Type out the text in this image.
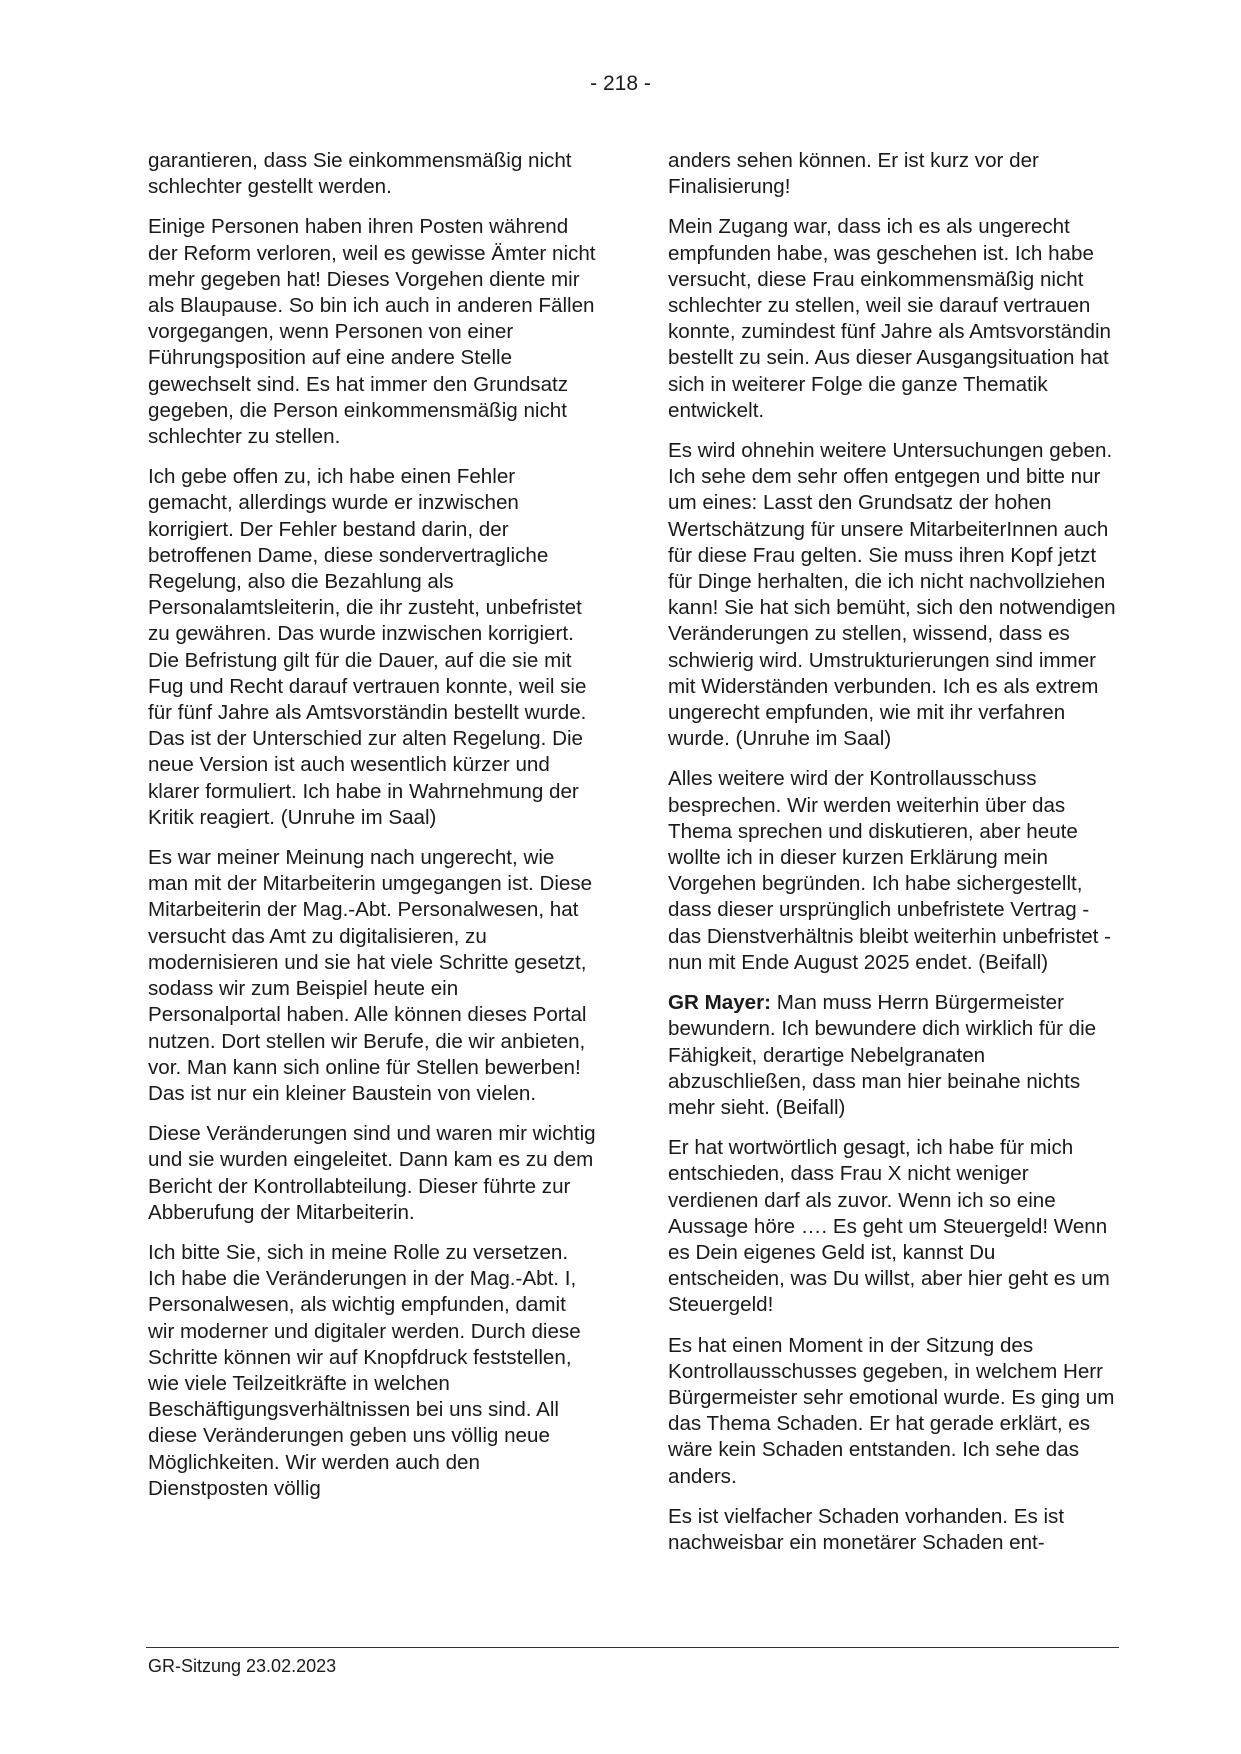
- 218 -

garantieren, dass Sie einkommensmäßig nicht schlechter gestellt werden.

Einige Personen haben ihren Posten während der Reform verloren, weil es gewisse Ämter nicht mehr gegeben hat! Dieses Vorgehen diente mir als Blaupause. So bin ich auch in anderen Fällen vorgegangen, wenn Personen von einer Führungsposition auf eine andere Stelle gewechselt sind. Es hat immer den Grundsatz gegeben, die Person einkommensmäßig nicht schlechter zu stellen.

Ich gebe offen zu, ich habe einen Fehler gemacht, allerdings wurde er inzwischen korrigiert. Der Fehler bestand darin, der betroffenen Dame, diese sondervertragliche Regelung, also die Bezahlung als Personalamtsleiterin, die ihr zusteht, unbefristet zu gewähren. Das wurde inzwischen korrigiert. Die Befristung gilt für die Dauer, auf die sie mit Fug und Recht darauf vertrauen konnte, weil sie für fünf Jahre als Amtsvorständin bestellt wurde. Das ist der Unterschied zur alten Regelung. Die neue Version ist auch wesentlich kürzer und klarer formuliert. Ich habe in Wahrnehmung der Kritik reagiert. (Unruhe im Saal)

Es war meiner Meinung nach ungerecht, wie man mit der Mitarbeiterin umgegangen ist. Diese Mitarbeiterin der Mag.-Abt. Personalwesen, hat versucht das Amt zu digitalisieren, zu modernisieren und sie hat viele Schritte gesetzt, sodass wir zum Beispiel heute ein Personalportal haben. Alle können dieses Portal nutzen. Dort stellen wir Berufe, die wir anbieten, vor. Man kann sich online für Stellen bewerben! Das ist nur ein kleiner Baustein von vielen.

Diese Veränderungen sind und waren mir wichtig und sie wurden eingeleitet. Dann kam es zu dem Bericht der Kontrollabteilung. Dieser führte zur Abberufung der Mitarbeiterin.

Ich bitte Sie, sich in meine Rolle zu versetzen. Ich habe die Veränderungen in der Mag.-Abt. I, Personalwesen, als wichtig empfunden, damit wir moderner und digitaler werden. Durch diese Schritte können wir auf Knopfdruck feststellen, wie viele Teilzeitkräfte in welchen Beschäftigungsverhältnissen bei uns sind. All diese Veränderungen geben uns völlig neue Möglichkeiten. Wir werden auch den Dienstposten völlig

anders sehen können. Er ist kurz vor der Finalisierung!

Mein Zugang war, dass ich es als ungerecht empfunden habe, was geschehen ist. Ich habe versucht, diese Frau einkommensmäßig nicht schlechter zu stellen, weil sie darauf vertrauen konnte, zumindest fünf Jahre als Amtsvorständin bestellt zu sein. Aus dieser Ausgangsituation hat sich in weiterer Folge die ganze Thematik entwickelt.

Es wird ohnehin weitere Untersuchungen geben. Ich sehe dem sehr offen entgegen und bitte nur um eines: Lasst den Grundsatz der hohen Wertschätzung für unsere MitarbeiterInnen auch für diese Frau gelten. Sie muss ihren Kopf jetzt für Dinge herhalten, die ich nicht nachvollziehen kann! Sie hat sich bemüht, sich den notwendigen Veränderungen zu stellen, wissend, dass es schwierig wird. Umstrukturierungen sind immer mit Widerständen verbunden. Ich es als extrem ungerecht empfunden, wie mit ihr verfahren wurde. (Unruhe im Saal)

Alles weitere wird der Kontrollausschuss besprechen. Wir werden weiterhin über das Thema sprechen und diskutieren, aber heute wollte ich in dieser kurzen Erklärung mein Vorgehen begründen. Ich habe sichergestellt, dass dieser ursprünglich unbefristete Vertrag - das Dienstverhältnis bleibt weiterhin unbefristet - nun mit Ende August 2025 endet. (Beifall)

GR Mayer: Man muss Herrn Bürgermeister bewundern. Ich bewundere dich wirklich für die Fähigkeit, derartige Nebelgranaten abzuschließen, dass man hier beinahe nichts mehr sieht. (Beifall)

Er hat wortwörtlich gesagt, ich habe für mich entschieden, dass Frau X nicht weniger verdienen darf als zuvor. Wenn ich so eine Aussage höre …. Es geht um Steuergeld! Wenn es Dein eigenes Geld ist, kannst Du entscheiden, was Du willst, aber hier geht es um Steuergeld!

Es hat einen Moment in der Sitzung des Kontrollausschusses gegeben, in welchem Herr Bürgermeister sehr emotional wurde. Es ging um das Thema Schaden. Er hat gerade erklärt, es wäre kein Schaden entstanden. Ich sehe das anders.

Es ist vielfacher Schaden vorhanden. Es ist nachweisbar ein monetärer Schaden ent-

GR-Sitzung 23.02.2023
